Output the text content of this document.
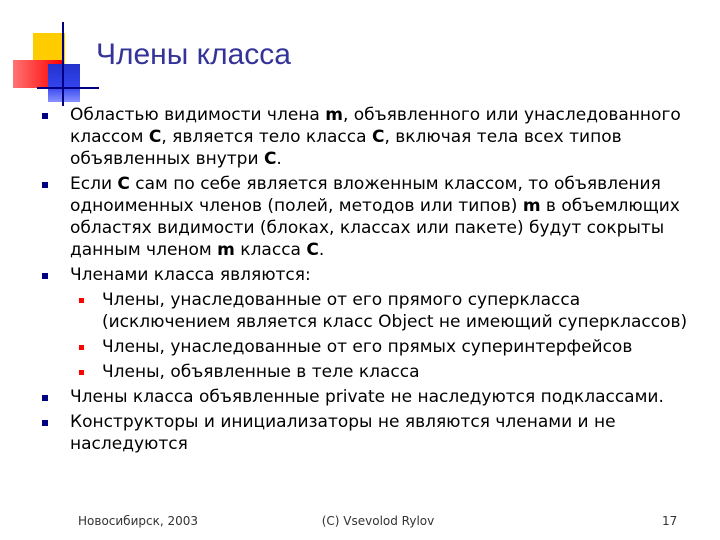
Члены класса
Областью видимости члена m, объявленного или унаследованного классом C, является тело класса C, включая тела всех типов объявленных внутри C.
Если C сам по себе является вложенным классом, то объявления одноименных членов (полей, методов или типов) m в объемлющих областях видимости (блоках, классах или пакете) будут сокрыты данным членом m класса C.
Членами класса являются:
Члены, унаследованные от его прямого суперкласса (исключением является класс Object не имеющий суперклассов)
Члены, унаследованные от его прямых суперинтерфейсов
Члены, объявленные в теле класса
Члены класса объявленные private не наследуются подклассами.
Конструкторы и инициализаторы не являются членами и не наследуются
Новосибирск, 2003	(C) Vsevolod Rylov	17
